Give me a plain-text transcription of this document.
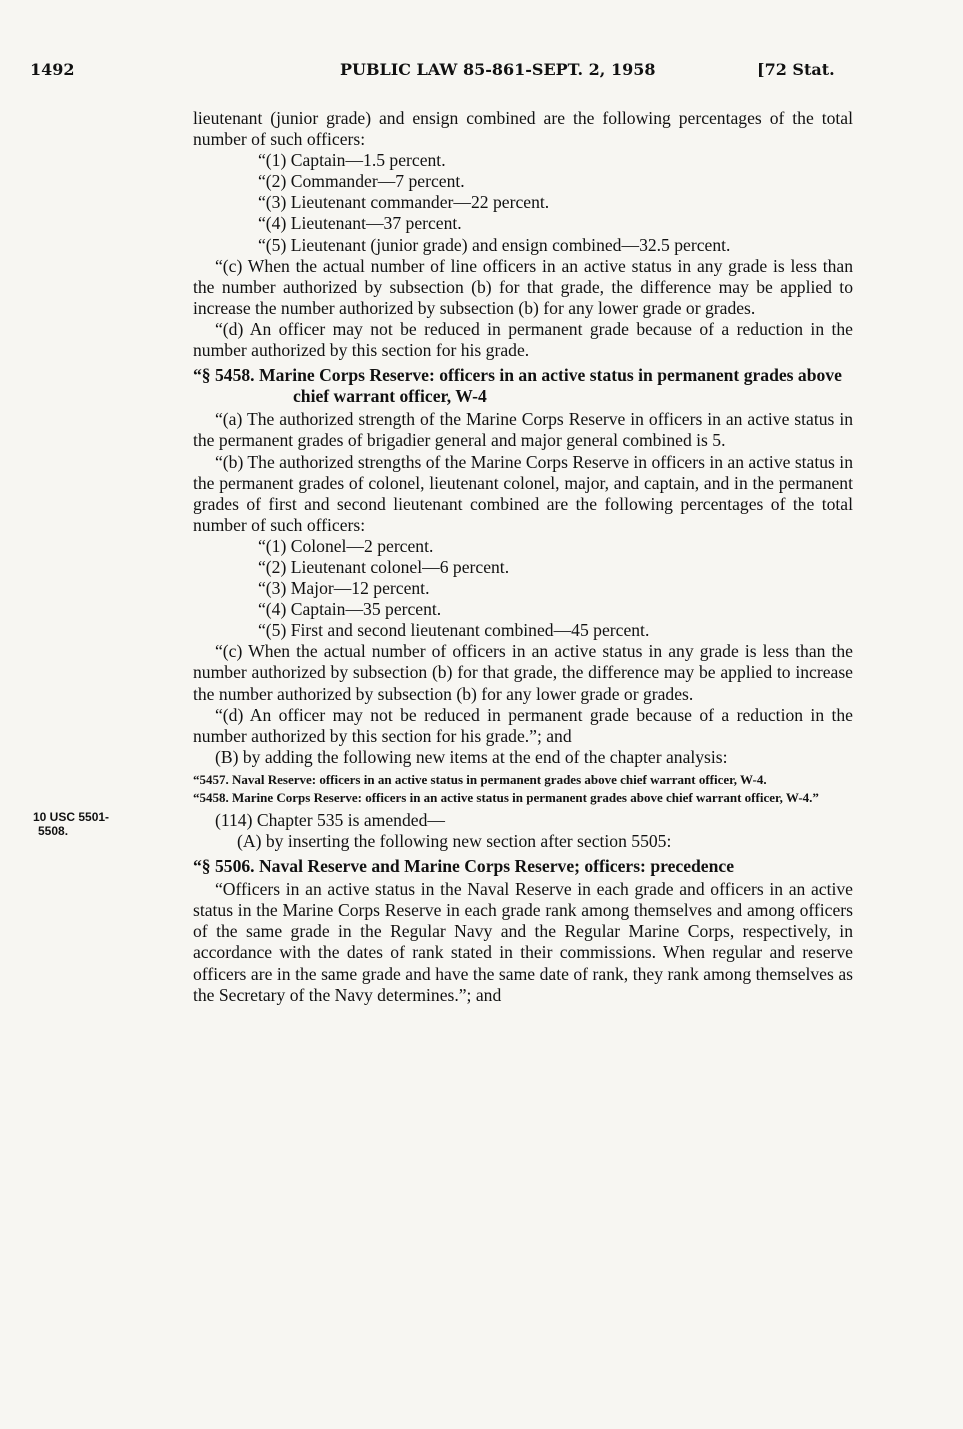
1492	PUBLIC LAW 85-861-SEPT. 2, 1958	[72 Stat.

lieutenant (junior grade) and ensign combined are the following percentages of the total number of such officers:

“(1) Captain—1.5 percent.

“(2) Commander—7 percent.

“(3) Lieutenant commander—22 percent.

“(4) Lieutenant—37 percent.

“(5) Lieutenant (junior grade) and ensign combined—32.5 percent.

“(c) When the actual number of line officers in an active status in any grade is less than the number authorized by subsection (b) for that grade, the difference may be applied to increase the number authorized by subsection (b) for any lower grade or grades.

“(d) An officer may not be reduced in permanent grade because of a reduction in the number authorized by this section for his grade.

“§ 5458. Marine Corps Reserve: officers in an active status in permanent grades above chief warrant officer, W-4

“(a) The authorized strength of the Marine Corps Reserve in officers in an active status in the permanent grades of brigadier general and major general combined is 5.

“(b) The authorized strengths of the Marine Corps Reserve in officers in an active status in the permanent grades of colonel, lieutenant colonel, major, and captain, and in the permanent grades of first and second lieutenant combined are the following percentages of the total number of such officers:

“(1) Colonel—2 percent.

“(2) Lieutenant colonel—6 percent.

“(3) Major—12 percent.

“(4) Captain—35 percent.

“(5) First and second lieutenant combined—45 percent.

“(c) When the actual number of officers in an active status in any grade is less than the number authorized by subsection (b) for that grade, the difference may be applied to increase the number authorized by subsection (b) for any lower grade or grades.

“(d) An officer may not be reduced in permanent grade because of a reduction in the number authorized by this section for his grade.”; and

(B) by adding the following new items at the end of the chapter analysis:

“5457. Naval Reserve: officers in an active status in permanent grades above chief warrant officer, W-4.

“5458. Marine Corps Reserve: officers in an active status in permanent grades above chief warrant officer, W-4.”

10 USC 5501-
5508.

(114) Chapter 535 is amended—

(A) by inserting the following new section after section 5505:

“§ 5506. Naval Reserve and Marine Corps Reserve; officers: precedence

“Officers in an active status in the Naval Reserve in each grade and officers in an active status in the Marine Corps Reserve in each grade rank among themselves and among officers of the same grade in the Regular Navy and the Regular Marine Corps, respectively, in accordance with the dates of rank stated in their commissions. When regular and reserve officers are in the same grade and have the same date of rank, they rank among themselves as the Secretary of the Navy determines.”; and
